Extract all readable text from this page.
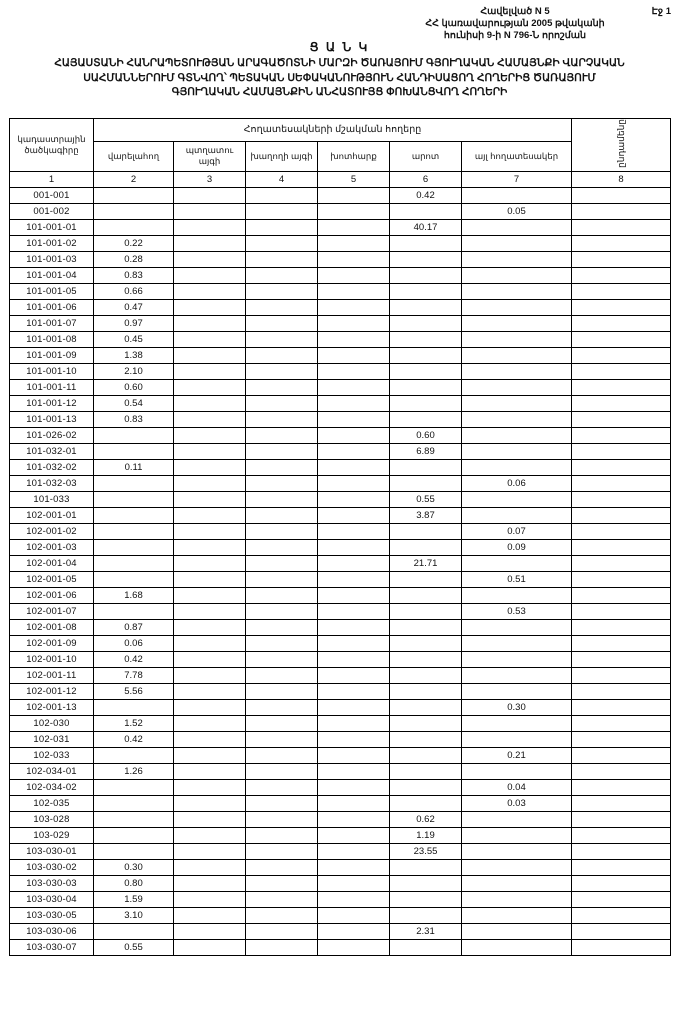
Հավելված N 5
ՀՀ կառավարության 2005 թվականի
հունիսի 9-ի N 796-Ն որոշման
Էջ 1
Ց Ա Ն Կ
ՀԱՅԱՍՏԱՆԻ ՀԱՆՐԱՊԵՏՈՒԹՅԱՆ ԱՐԱԳԱԾՈՏՆԻ ՄԱՐԶԻ ԾԱՌԱՅՈՒՄ ԳՅՈՒՂԱԿԱՆ ՀԱՄԱՅՆՔԻ ՎԱՐՉԱԿԱՆ
ՍԱՀՄԱՆՆԵՐՈՒՄ ԳՏՆՎՈՂ՝ ՊԵՏԱԿԱՆ ՍԵՓԱԿԱՆՈՒԹՅՈՒՆ ՀԱՆԴԻՍԱՑՈՂ ՀՈՂԵՐԻՑ ԾԱՌԱՅՈՒՄ
ԳՅՈՒՂԱԿԱՆ ՀԱՄԱՅՆՔԻՆ ԱՆՀԱՏՈՒՅՑ ՓՈԽԱՆՑՎՈՂ ՀՈՂԵՐԻ
կադաստրային ծածկագիրը	Հողատեսակների մշակման հողերը						ընդամենը
	վարելահող	պտղատու այգի	խաղողի այգի	խոտհարք	արոտ	այլ հողատեսակեր	
1	2	3	4	5	6	7	8
001-001					0.42		
001-002						0.05	
101-001-01					40.17		
101-001-02	0.22						
101-001-03	0.28						
101-001-04	0.83						
101-001-05	0.66						
101-001-06	0.47						
101-001-07	0.97						
101-001-08	0.45						
101-001-09	1.38						
101-001-10	2.10						
101-001-11	0.60						
101-001-12	0.54						
101-001-13	0.83						
101-026-02					0.60		
101-032-01					6.89		
101-032-02	0.11						
101-032-03						0.06	
101-033					0.55		
102-001-01					3.87		
102-001-02						0.07	
102-001-03						0.09	
102-001-04					21.71		
102-001-05						0.51	
102-001-06	1.68						
102-001-07						0.53	
102-001-08	0.87						
102-001-09	0.06						
102-001-10	0.42						
102-001-11	7.78						
102-001-12	5.56						
102-001-13						0.30	
102-030	1.52						
102-031	0.42						
102-033						0.21	
102-034-01	1.26						
102-034-02						0.04	
102-035						0.03	
103-028					0.62		
103-029					1.19		
103-030-01					23.55		
103-030-02	0.30						
103-030-03	0.80						
103-030-04	1.59						
103-030-05	3.10						
103-030-06					2.31		
103-030-07	0.55						
